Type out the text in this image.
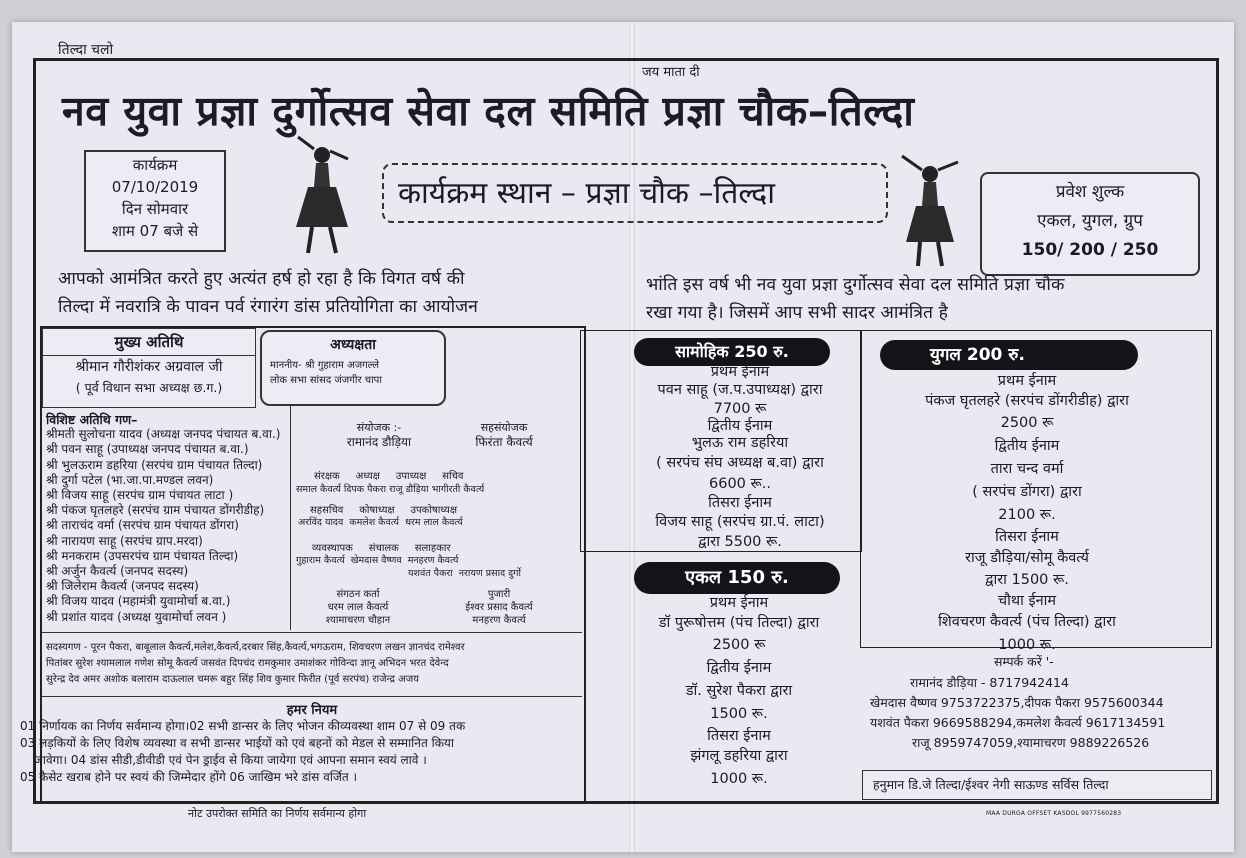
तिल्दा चलो
जय माता दी
नव युवा प्रज्ञा दुर्गोत्सव सेवा दल समिति प्रज्ञा चौक–तिल्दा
कार्यक्रम
07/10/2019
दिन सोमवार
शाम 07 बजे से
कार्यक्रम स्थान – प्रज्ञा चौक –तिल्दा	प्रवेश शुल्क
एकल, युगल, ग्रुप
150/ 200 / 250
आपको आमंत्रित करते हुए अत्यंत हर्ष हो रहा है कि विगत वर्ष की
तिल्दा में नवरात्रि के पावन पर्व रंगारंग डांस प्रतियोगिता का आयोजन
भांति इस वर्ष भी नव युवा प्रज्ञा दुर्गोत्सव सेवा दल समिति प्रज्ञा चौक
रखा गया है। जिसमें आप सभी सादर आमंत्रित है
मुख्य अतिथि
श्रीमान गौरीशंकर अग्रवाल जी
( पूर्व विधान सभा अध्यक्ष छ.ग.)
अध्यक्षता
माननीय- श्री गुहाराम अजगल्ले
लोक सभा सांसद जंजगीर चापा
विशिष्ट अतिथि गण–
श्रीमती सुलोचना यादव (अध्यक्ष जनपद पंचायत ब.वा.)
श्री पवन साहू (उपाध्यक्ष जनपद पंचायत ब.वा.)
श्री भुलऊराम डहरिया (सरपंच ग्राम पंचायत तिल्दा)
श्री दुर्गा पटेल (भा.जा.पा.मण्डल लवन)
श्री विजय साहू (सरपंच ग्राम पंचायत लाटा )
श्री पंकज घृतलहरे (सरपंच ग्राम पंचायत डोंगरीडीह)
श्री ताराचंद वर्मा (सरपंच ग्राम पंचायत डोंगरा)
श्री नारायण साहू (सरपंच ग्राप.मरदा)
श्री मनकराम (उपसरपंच ग्राम पंचायत तिल्दा)
श्री अर्जुन कैवर्त्य (जनपद सदस्य)
श्री जिलेराम कैवर्त्य (जनपद सदस्य)
श्री विजय यादव (महामंत्री युवामोर्चा ब.वा.)
श्री प्रशांत यादव (अध्यक्ष युवामोर्चा लवन )
संयोजक :-
रामानंद डौड़िया
सहसंयोजक
फिरंता कैवर्त्य
संरक्षक     अध्यक्ष     उपाध्यक्ष     सचिव
समाल कैवर्त्य दिपक पैकरा राजू डौड़िया भागीरती कैवर्त्य
सहसचिव     कोषाध्यक्ष     उपकोषाध्यक्ष
अरविंद यादव  कमलेश कैवर्त्य  धरम लाल कैवर्त्य
व्यवस्थापक     संचालक     सलाहकार
गुहाराम कैवर्त्य  खेमदास वैष्णव  मनहरण कैवर्त्य
यशवंत पैकरा  नरायण प्रसाद दुर्गो
संगठन कर्ता
धरम लाल कैवर्त्य
श्यामाचरण चौहान
पुजारी
ईश्वर प्रसाद कैवर्त्य
मनहरण कैवर्त्य
सदस्यगण - पूरन पैकरा, बाबूलाल कैवर्त्य,मलेश,कैवर्त्य,दरबार सिंह,कैवर्त्य,भगऊराम, शिवचरण लखन ज्ञानचंद रामेश्वर
पितांबर सुरेश श्यामलाल गणेश सोमू कैवर्त्य जसवंत दिपचंद रामकुमार उमाशंकर गोविन्दा ज्ञानू अभिदन भरत देवेन्द
सुरेन्द्र देव अमर अशोक बलाराम दाऊलाल चमरू बहुर सिंह शिव कुमार फिरीत (पूर्व सरपंच) राजेन्द्र अजय
हमर नियम
01 निर्णायक का निर्णय सर्वमान्य होगा।02 सभी डान्सर के लिए भोजन कीव्यवस्था शाम 07 से 09 तक
03 लड़कियों के लिए विशेष व्यवस्था व सभी डान्सर भाईयों को एवं बहनों को मेडल से सम्मानित किया
जावेगा। 04 डांस सीडी,डीवीडी एवं पेन ड्राईव से किया जायेगा एवं आपना समान स्वयं लावे ।
05 कैसेट खराब होने पर स्वयं की जिम्मेदार होंगे 06 जाखिम भरे डांस वर्जित ।
नोट उपरोक्त समिति का निर्णय सर्वमान्य होगा
सामोहिक 250 रु.
प्रथम ईनाम
पवन साहू (ज.प.उपाध्यक्ष) द्वारा
7700 रू
द्वितीय ईनाम
भुलऊ राम डहरिया
( सरपंच संघ अध्यक्ष ब.वा) द्वारा
6600 रू..
तिसरा ईनाम
विजय साहू (सरपंच ग्रा.पं. लाटा)
द्वारा 5500 रू.
एकल 150 रु.
प्रथम ईनाम
डॉ पुरूषोत्तम (पंच तिल्दा) द्वारा
2500 रू
द्वितीय ईनाम
डॉ. सुरेश पैकरा द्वारा
1500 रू.
तिसरा ईनाम
झंगलू डहरिया द्वारा
1000 रू.
युगल 200 रु.
प्रथम ईनाम
पंकज घृतलहरे (सरपंच डोंगरीडीह) द्वारा
2500 रू
द्वितीय ईनाम
तारा चन्द वर्मा
( सरपंच डोंगरा) द्वारा
2100 रू.
तिसरा ईनाम
राजू डौड़िया/सोमू कैवर्त्य
द्वारा 1500 रू.
चौथा ईनाम
शिवचरण कैवर्त्य (पंच तिल्दा) द्वारा
1000 रू.
सम्पर्क करें '-
रामानंद डौड़िया - 8717942414
खेमदास वैष्णव 9753722375,दीपक पैकरा 9575600344
यशवंत पैकरा 9669588294,कमलेश कैवर्त्य 9617134591
राजू 8959747059,श्यामाचरण 9889226526
हनुमान डि.जे तिल्दा/ईश्वर नेगी साऊण्ड सर्विस तिल्दा
MAA DURGA OFFSET KASDOL 9977560283
